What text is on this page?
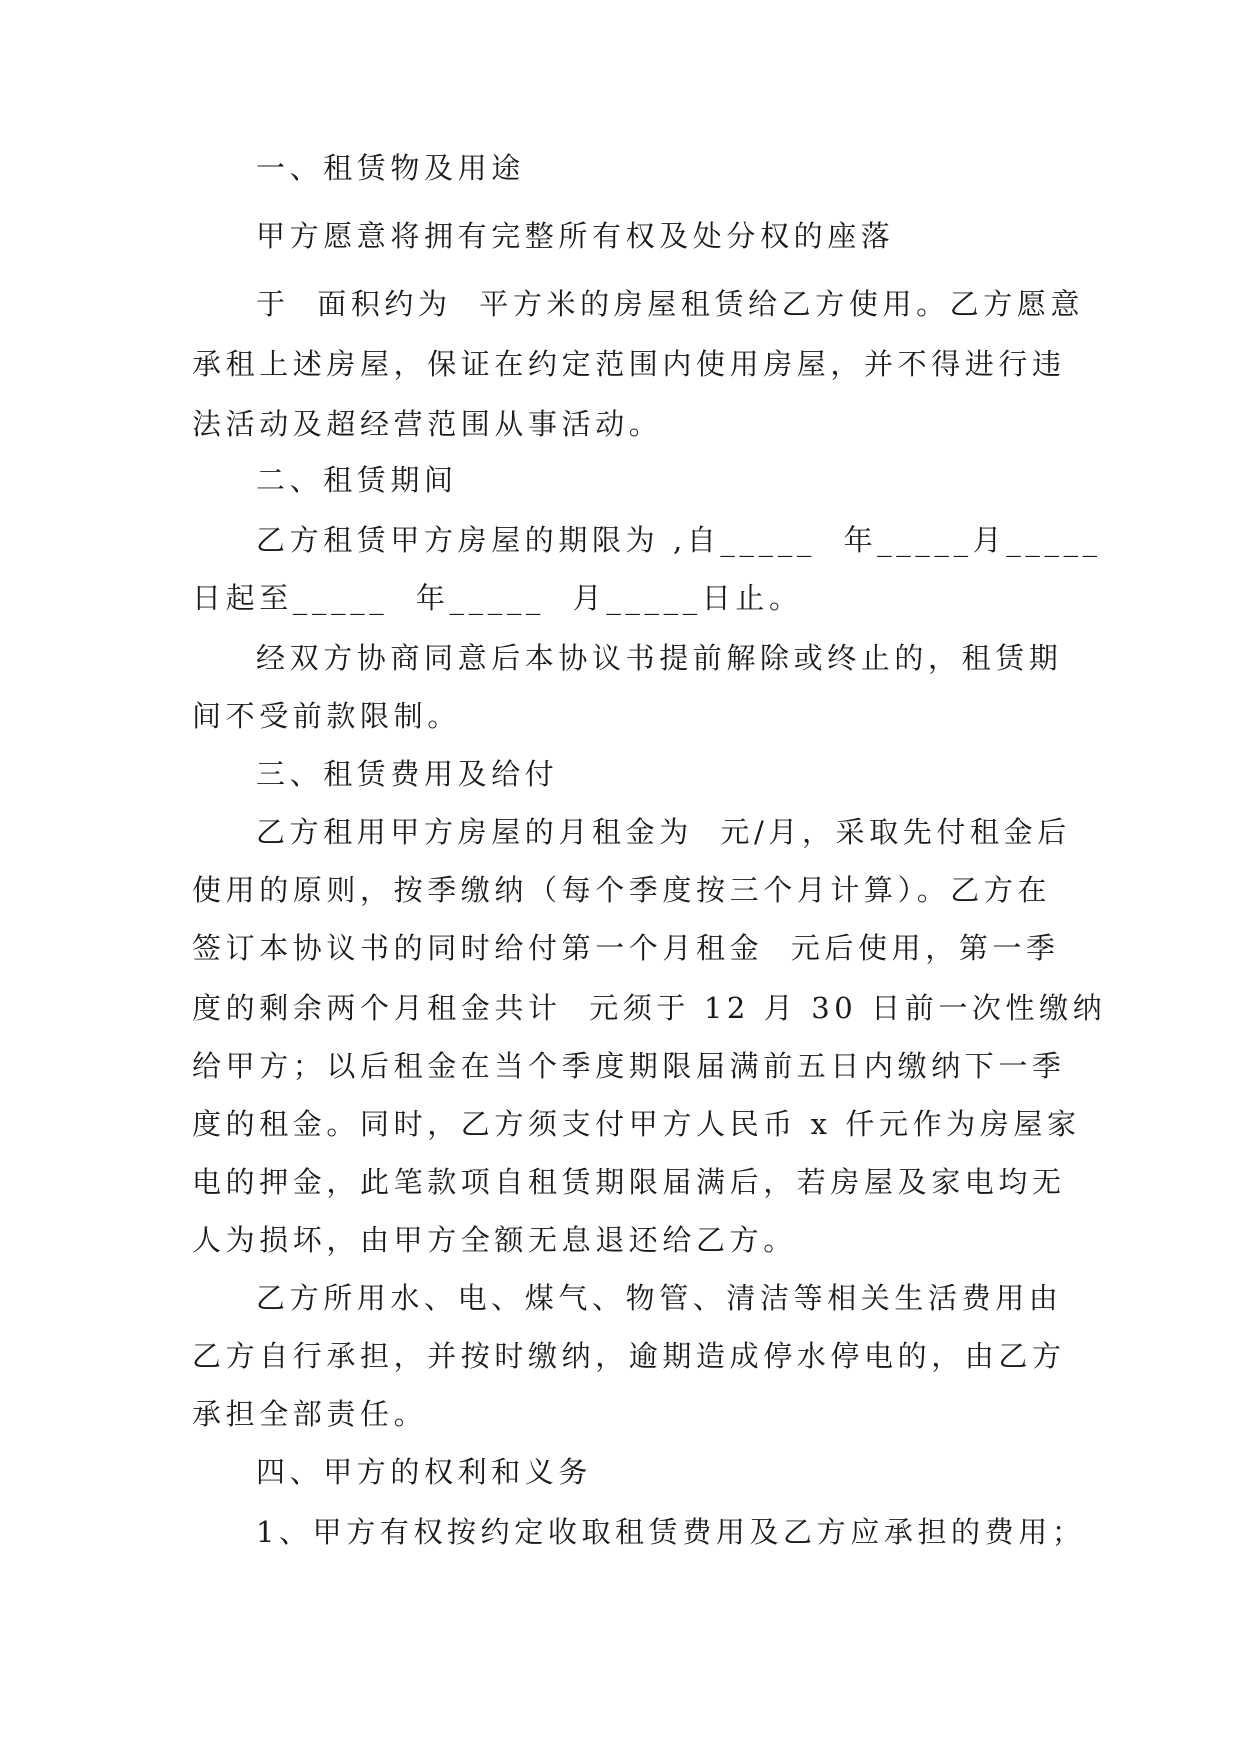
一、租赁物及用途
甲方愿意将拥有完整所有权及处分权的座落
于  面积约为  平方米的房屋租赁给乙方使用。乙方愿意
承租上述房屋，保证在约定范围内使用房屋，并不得进行违
法活动及超经营范围从事活动。
二、租赁期间
乙方租赁甲方房屋的期限为 ,自_____  年_____月_____
日起至_____  年_____  月_____日止。
经双方协商同意后本协议书提前解除或终止的，租赁期
间不受前款限制。
三、租赁费用及给付
乙方租用甲方房屋的月租金为  元/月，采取先付租金后
使用的原则，按季缴纳（每个季度按三个月计算）。乙方在
签订本协议书的同时给付第一个月租金  元后使用，第一季
度的剩余两个月租金共计  元须于 12 月 30 日前一次性缴纳
给甲方；以后租金在当个季度期限届满前五日内缴纳下一季
度的租金。同时，乙方须支付甲方人民币 x 仟元作为房屋家
电的押金，此笔款项自租赁期限届满后，若房屋及家电均无
人为损坏，由甲方全额无息退还给乙方。
乙方所用水、电、煤气、物管、清洁等相关生活费用由
乙方自行承担，并按时缴纳，逾期造成停水停电的，由乙方
承担全部责任。
四、甲方的权利和义务
1、甲方有权按约定收取租赁费用及乙方应承担的费用；
